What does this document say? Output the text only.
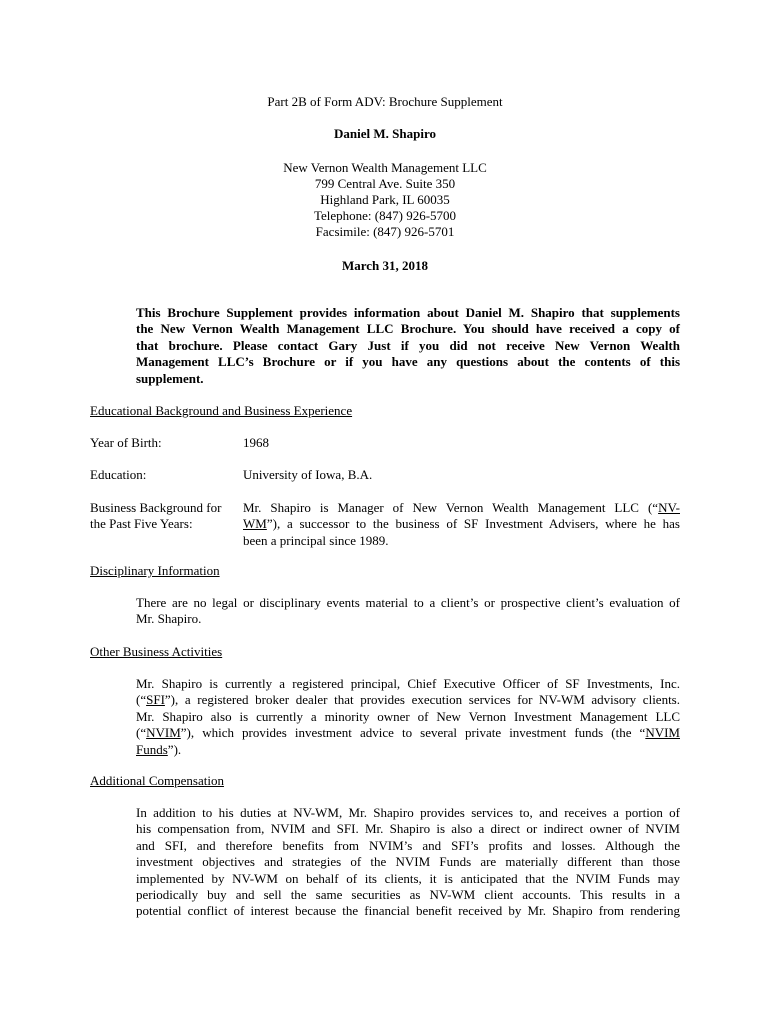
Part 2B of Form ADV: Brochure Supplement
Daniel M. Shapiro
New Vernon Wealth Management LLC
799 Central Ave. Suite 350
Highland Park, IL 60035
Telephone: (847) 926-5700
Facsimile: (847) 926-5701
March 31, 2018
This Brochure Supplement provides information about Daniel M. Shapiro that supplements
the New Vernon Wealth Management LLC Brochure. You should have received a copy of
that brochure. Please contact Gary Just if you did not receive New Vernon Wealth
Management LLC’s Brochure or if you have any questions about the contents of this
supplement.
Educational Background and Business Experience
Year of Birth:	1968
Education:	University of Iowa, B.A.
Business Background for
the Past Five Years:
Mr. Shapiro is Manager of New Vernon Wealth Management LLC (“NV-
WM”), a successor to the business of SF Investment Advisers, where he has
been a principal since 1989.
Disciplinary Information
There are no legal or disciplinary events material to a client’s or prospective client’s evaluation of
Mr. Shapiro.
Other Business Activities
Mr. Shapiro is currently a registered principal, Chief Executive Officer of SF Investments, Inc.
(“SFI”), a registered broker dealer that provides execution services for NV-WM advisory clients.
Mr. Shapiro also is currently a minority owner of New Vernon Investment Management LLC
(“NVIM”), which provides investment advice to several private investment funds (the “NVIM
Funds”).
Additional Compensation
In addition to his duties at NV-WM, Mr. Shapiro provides services to, and receives a portion of
his compensation from, NVIM and SFI. Mr. Shapiro is also a direct or indirect owner of NVIM
and SFI, and therefore benefits from NVIM’s and SFI’s profits and losses. Although the
investment objectives and strategies of the NVIM Funds are materially different than those
implemented by NV-WM on behalf of its clients, it is anticipated that the NVIM Funds may
periodically buy and sell the same securities as NV-WM client accounts. This results in a
potential conflict of interest because the financial benefit received by Mr. Shapiro from rendering
